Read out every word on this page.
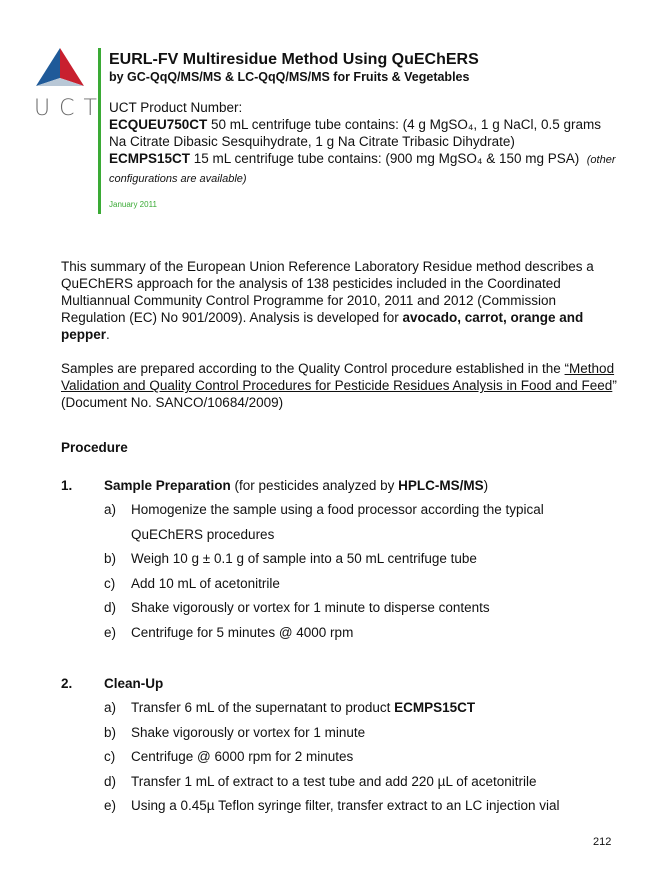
UCT
EURL-FV Multiresidue Method Using QuEChERS
by GC-QqQ/MS/MS & LC-QqQ/MS/MS for Fruits & Vegetables
UCT Product Number:
ECQUEU750CT 50 mL centrifuge tube contains: (4 g MgSO₄, 1 g NaCl, 0.5 grams Na Citrate Dibasic Sesquihydrate, 1 g Na Citrate Tribasic Dihydrate)
ECMPS15CT 15 mL centrifuge tube contains: (900 mg MgSO₄ & 150 mg PSA) (other configurations are available)
January 2011

This summary of the European Union Reference Laboratory Residue method describes a QuEChERS approach for the analysis of 138 pesticides included in the Coordinated Multiannual Community Control Programme for 2010, 2011 and 2012 (Commission Regulation (EC) No 901/2009). Analysis is developed for avocado, carrot, orange and pepper.

Samples are prepared according to the Quality Control procedure established in the “Method Validation and Quality Control Procedures for Pesticide Residues Analysis in Food and Feed” (Document No. SANCO/10684/2009)

Procedure
1. Sample Preparation (for pesticides analyzed by HPLC-MS/MS)
a) Homogenize the sample using a food processor according the typical QuEChERS procedures
b) Weigh 10 g ± 0.1 g of sample into a 50 mL centrifuge tube
c) Add 10 mL of acetonitrile
d) Shake vigorously or vortex for 1 minute to disperse contents
e) Centrifuge for 5 minutes @ 4000 rpm
2. Clean-Up
a) Transfer 6 mL of the supernatant to product ECMPS15CT
b) Shake vigorously or vortex for 1 minute
c) Centrifuge @ 6000 rpm for 2 minutes
d) Transfer 1 mL of extract to a test tube and add 220 µL of acetonitrile
e) Using a 0.45µ Teflon syringe filter, transfer extract to an LC injection vial
212
